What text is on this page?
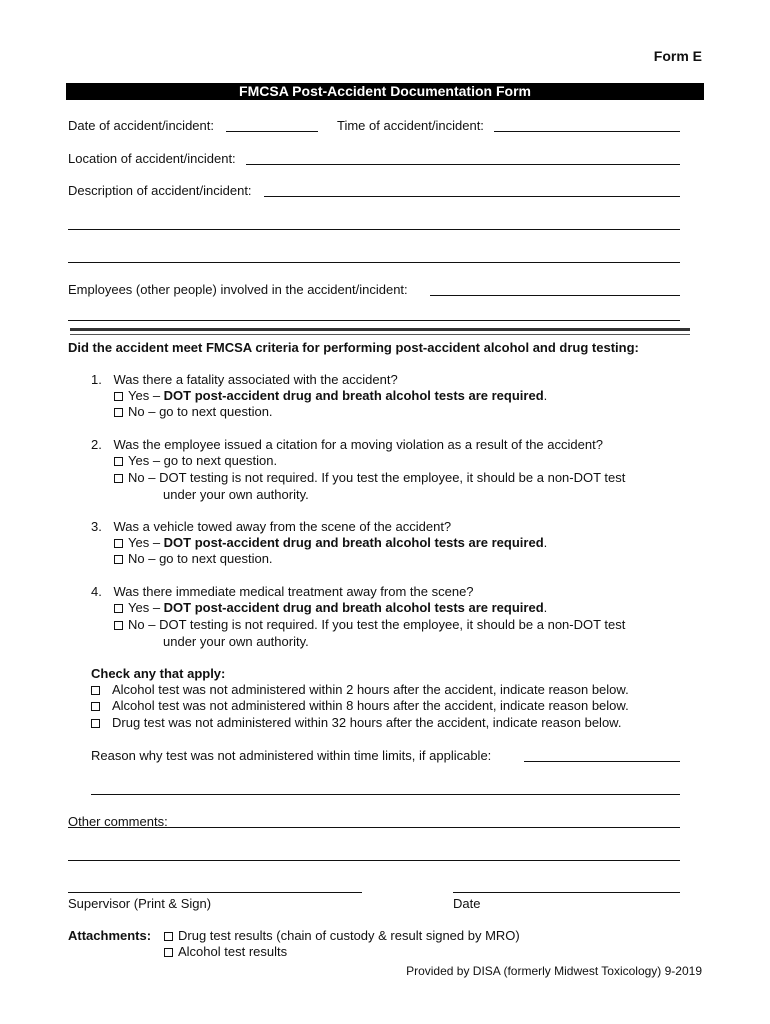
Form E
FMCSA Post-Accident Documentation Form
Date of accident/incident:	Time of accident/incident:
Location of accident/incident:
Description of accident/incident:
Employees (other people) involved in the accident/incident:
Did the accident meet FMCSA criteria for performing post-accident alcohol and drug testing:
1. Was there a fatality associated with the accident?
Yes – DOT post-accident drug and breath alcohol tests are required.
No – go to next question.
2. Was the employee issued a citation for a moving violation as a result of the accident?
Yes – go to next question.
No – DOT testing is not required. If you test the employee, it should be a non-DOT test
under your own authority.
3. Was a vehicle towed away from the scene of the accident?
Yes – DOT post-accident drug and breath alcohol tests are required.
No – go to next question.
4. Was there immediate medical treatment away from the scene?
Yes – DOT post-accident drug and breath alcohol tests are required.
No – DOT testing is not required. If you test the employee, it should be a non-DOT test
under your own authority.
Check any that apply:
Alcohol test was not administered within 2 hours after the accident, indicate reason below.
Alcohol test was not administered within 8 hours after the accident, indicate reason below.
Drug test was not administered within 32 hours after the accident, indicate reason below.
Reason why test was not administered within time limits, if applicable:
Other comments:
Supervisor (Print & Sign)	Date
Attachments:	Drug test results (chain of custody & result signed by MRO)
Alcohol test results
Provided by DISA (formerly Midwest Toxicology) 9-2019
